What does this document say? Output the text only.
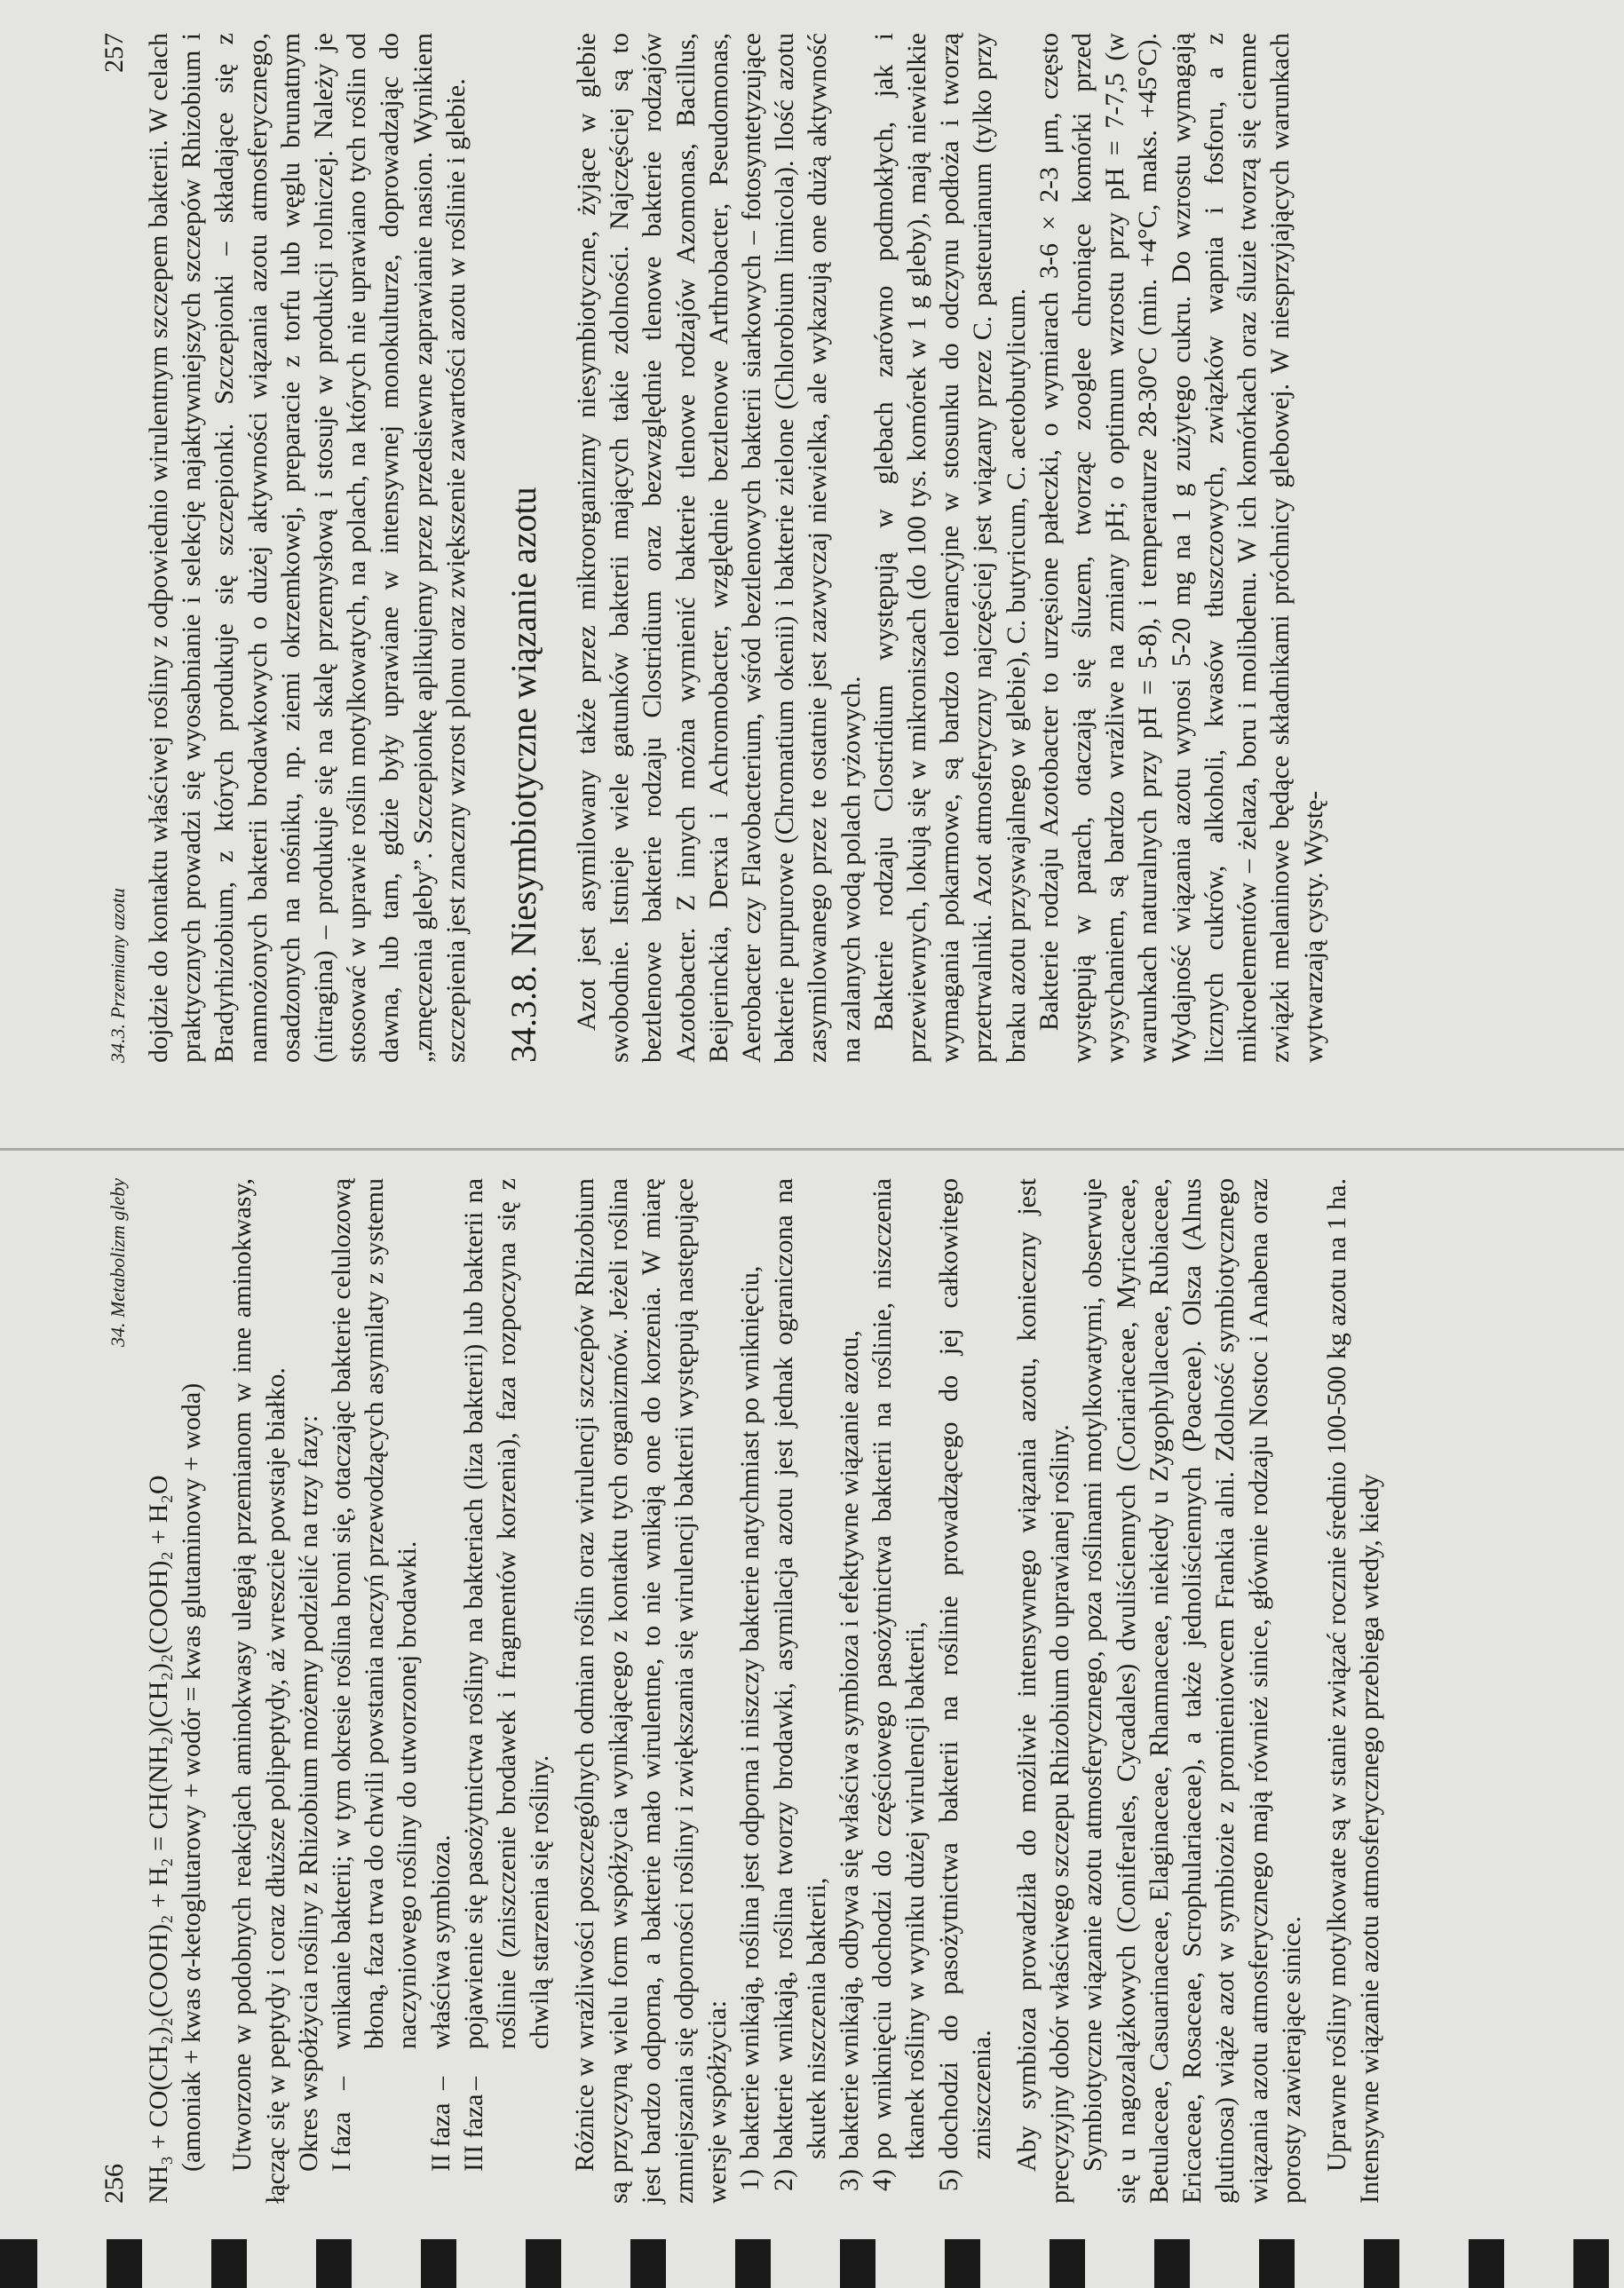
256
34. Metabolizm gleby

NH₃ + CO(CH₂)₂(COOH)₂ + H₂ = CH(NH₂)(CH₂)₂(COOH)₂ + H₂O (amoniak + kwas α-ketoglutarowy + wodór = kwas glutaminowy + woda) Utworzone w podobnych reakcjach aminokwasy ulegają przemianom w inne aminokwasy, łącząc się w peptydy i coraz dłuższe polipeptydy, aż wreszcie powstaje białko. Okres współżycia rośliny z Rhizobium możemy podzielić na trzy fazy: I faza
–
wnikanie bakterii; w tym okresie roślina broni się, otaczając bakterie celulozową błoną, faza trwa do chwili powstania naczyń przewodzących asymilaty z systemu naczyniowego rośliny do utworzonej brodawki.
II faza
–
właściwa symbioza.
III faza
–
pojawienie się pasożytnictwa rośliny na bakteriach (liza bakterii) lub bakterii na roślinie (zniszczenie brodawek i fragmentów korzenia), faza rozpoczyna się z chwilą starzenia się rośliny. Różnice w wrażliwości poszczególnych odmian roślin oraz wirulencji szczepów Rhizobium są przyczyną wielu form współżycia wynikającego z kontaktu tych organizmów. Jeżeli roślina jest bardzo odporna, a bakterie mało wirulentne, to nie wnikają one do korzenia. W miarę zmniejszania się odporności rośliny i zwiększania się wirulencji bakterii występują następujące wersje współżycia: 1)
bakterie wnikają, roślina jest odporna i niszczy bakterie natychmiast po wniknięciu,
2)
bakterie wnikają, roślina tworzy brodawki, asymilacja azotu jest jednak ograniczona na skutek niszczenia bakterii,
3)
bakterie wnikają, odbywa się właściwa symbioza i efektywne wiązanie azotu,
4)
po wniknięciu dochodzi do częściowego pasożytnictwa bakterii na roślinie, niszczenia tkanek rośliny w wyniku dużej wirulencji bakterii,
5)
dochodzi do pasożytnictwa bakterii na roślinie prowadzącego do jej całkowitego zniszczenia. Aby symbioza prowadziła do możliwie intensywnego wiązania azotu, konieczny jest precyzyjny dobór właściwego szczepu Rhizobium do uprawianej rośliny. Symbiotyczne wiązanie azotu atmosferycznego, poza roślinami motylkowatymi, obserwuje się u nagozalążkowych (Coniferales, Cycadales) dwuliściennych (Coriariaceae, Myricaceae, Betulaceae, Casuarinaceae, Elaginaceae, Rhamnaceae, niekiedy u Zygophyllaceae, Rubiaceae, Ericaceae, Rosaceae, Scrophulariaceae), a także jednoliściennych (Poaceae). Olsza (Alnus glutinosa) wiąże azot w symbiozie z promieniowcem Frankia alni. Zdolność symbiotycznego wiązania azotu atmosferycznego mają również sinice, głównie rodzaju Nostoc i Anabena oraz porosty zawierające sinice. Uprawne rośliny motylkowate są w stanie związać rocznie średnio 100-500 kg azotu na 1 ha. Intensywne wiązanie azotu atmosferycznego przebiega wtedy, kiedy

34.3. Przemiany azotu
257 dojdzie do kontaktu właściwej rośliny z odpowiednio wirulentnym szczepem bakterii. W celach praktycznych prowadzi się wyosabnianie i selekcję najaktywniejszych szczepów Rhizobium i Bradyrhizobium, z których produkuje się szczepionki. Szczepionki – składające się z namnożonych bakterii brodawkowych o dużej aktywności wiązania azotu atmosferycznego, osadzonych na nośniku, np. ziemi okrzemkowej, preparacie z torfu lub węglu brunatnym (nitragina) – produkuje się na skalę przemysłową i stosuje w produkcji rolniczej. Należy je stosować w uprawie roślin motylkowatych, na polach, na których nie uprawiano tych roślin od dawna, lub tam, gdzie były uprawiane w intensywnej monokulturze, doprowadzając do „zmęczenia gleby”. Szczepionkę aplikujemy przez przedsiewne zaprawianie nasion. Wynikiem szczepienia jest znaczny wzrost plonu oraz zwiększenie zawartości azotu w roślinie i glebie. 34.3.8. Niesymbiotyczne wiązanie azotu Azot jest asymilowany także przez mikroorganizmy niesymbiotyczne, żyjące w glebie swobodnie. Istnieje wiele gatunków bakterii mających takie zdolności. Najczęściej są to beztlenowe bakterie rodzaju Clostridium oraz bezwzględnie tlenowe bakterie rodzajów Azotobacter. Z innych można wymienić bakterie tlenowe rodzajów Azomonas, Bacillus, Beijerinckia, Derxia i Achromobacter, względnie beztlenowe Arthrobacter, Pseudomonas, Aerobacter czy Flavobacterium, wśród beztlenowych bakterii siarkowych – fotosyntetyzujące bakterie purpurowe (Chromatium okenii) i bakterie zielone (Chlorobium limicola). Ilość azotu zasymilowanego przez te ostatnie jest zazwyczaj niewielka, ale wykazują one dużą aktywność na zalanych wodą polach ryżowych. Bakterie rodzaju Clostridium występują w glebach zarówno podmokłych, jak i przewiewnych, lokują się w mikroniszach (do 100 tys. komórek w 1 g gleby), mają niewielkie wymagania pokarmowe, są bardzo tolerancyjne w stosunku do odczynu podłoża i tworzą przetrwalniki. Azot atmosferyczny najczęściej jest wiązany przez C. pasteurianum (tylko przy braku azotu przyswajalnego w glebie), C. butyricum, C. acetobutylicum. Bakterie rodzaju Azotobacter to urzęsione pałeczki, o wymiarach 3-6 × 2-3 μm, często występują w parach, otaczają się śluzem, tworząc zooglee chroniące komórki przed wysychaniem, są bardzo wrażliwe na zmiany pH; o optimum wzrostu przy pH = 7-7,5 (w warunkach naturalnych przy pH = 5-8), i temperaturze 28-30°C (min. +4°C, maks. +45°C). Wydajność wiązania azotu wynosi 5-20 mg na 1 g zużytego cukru. Do wzrostu wymagają licznych cukrów, alkoholi, kwasów tłuszczowych, związków wapnia i fosforu, a z mikroelementów – żelaza, boru i molibdenu. W ich komórkach oraz śluzie tworzą się ciemne związki melaninowe będące składnikami próchnicy glebowej. W niesprzyjających warunkach wytwarzają cysty. Wystę-
